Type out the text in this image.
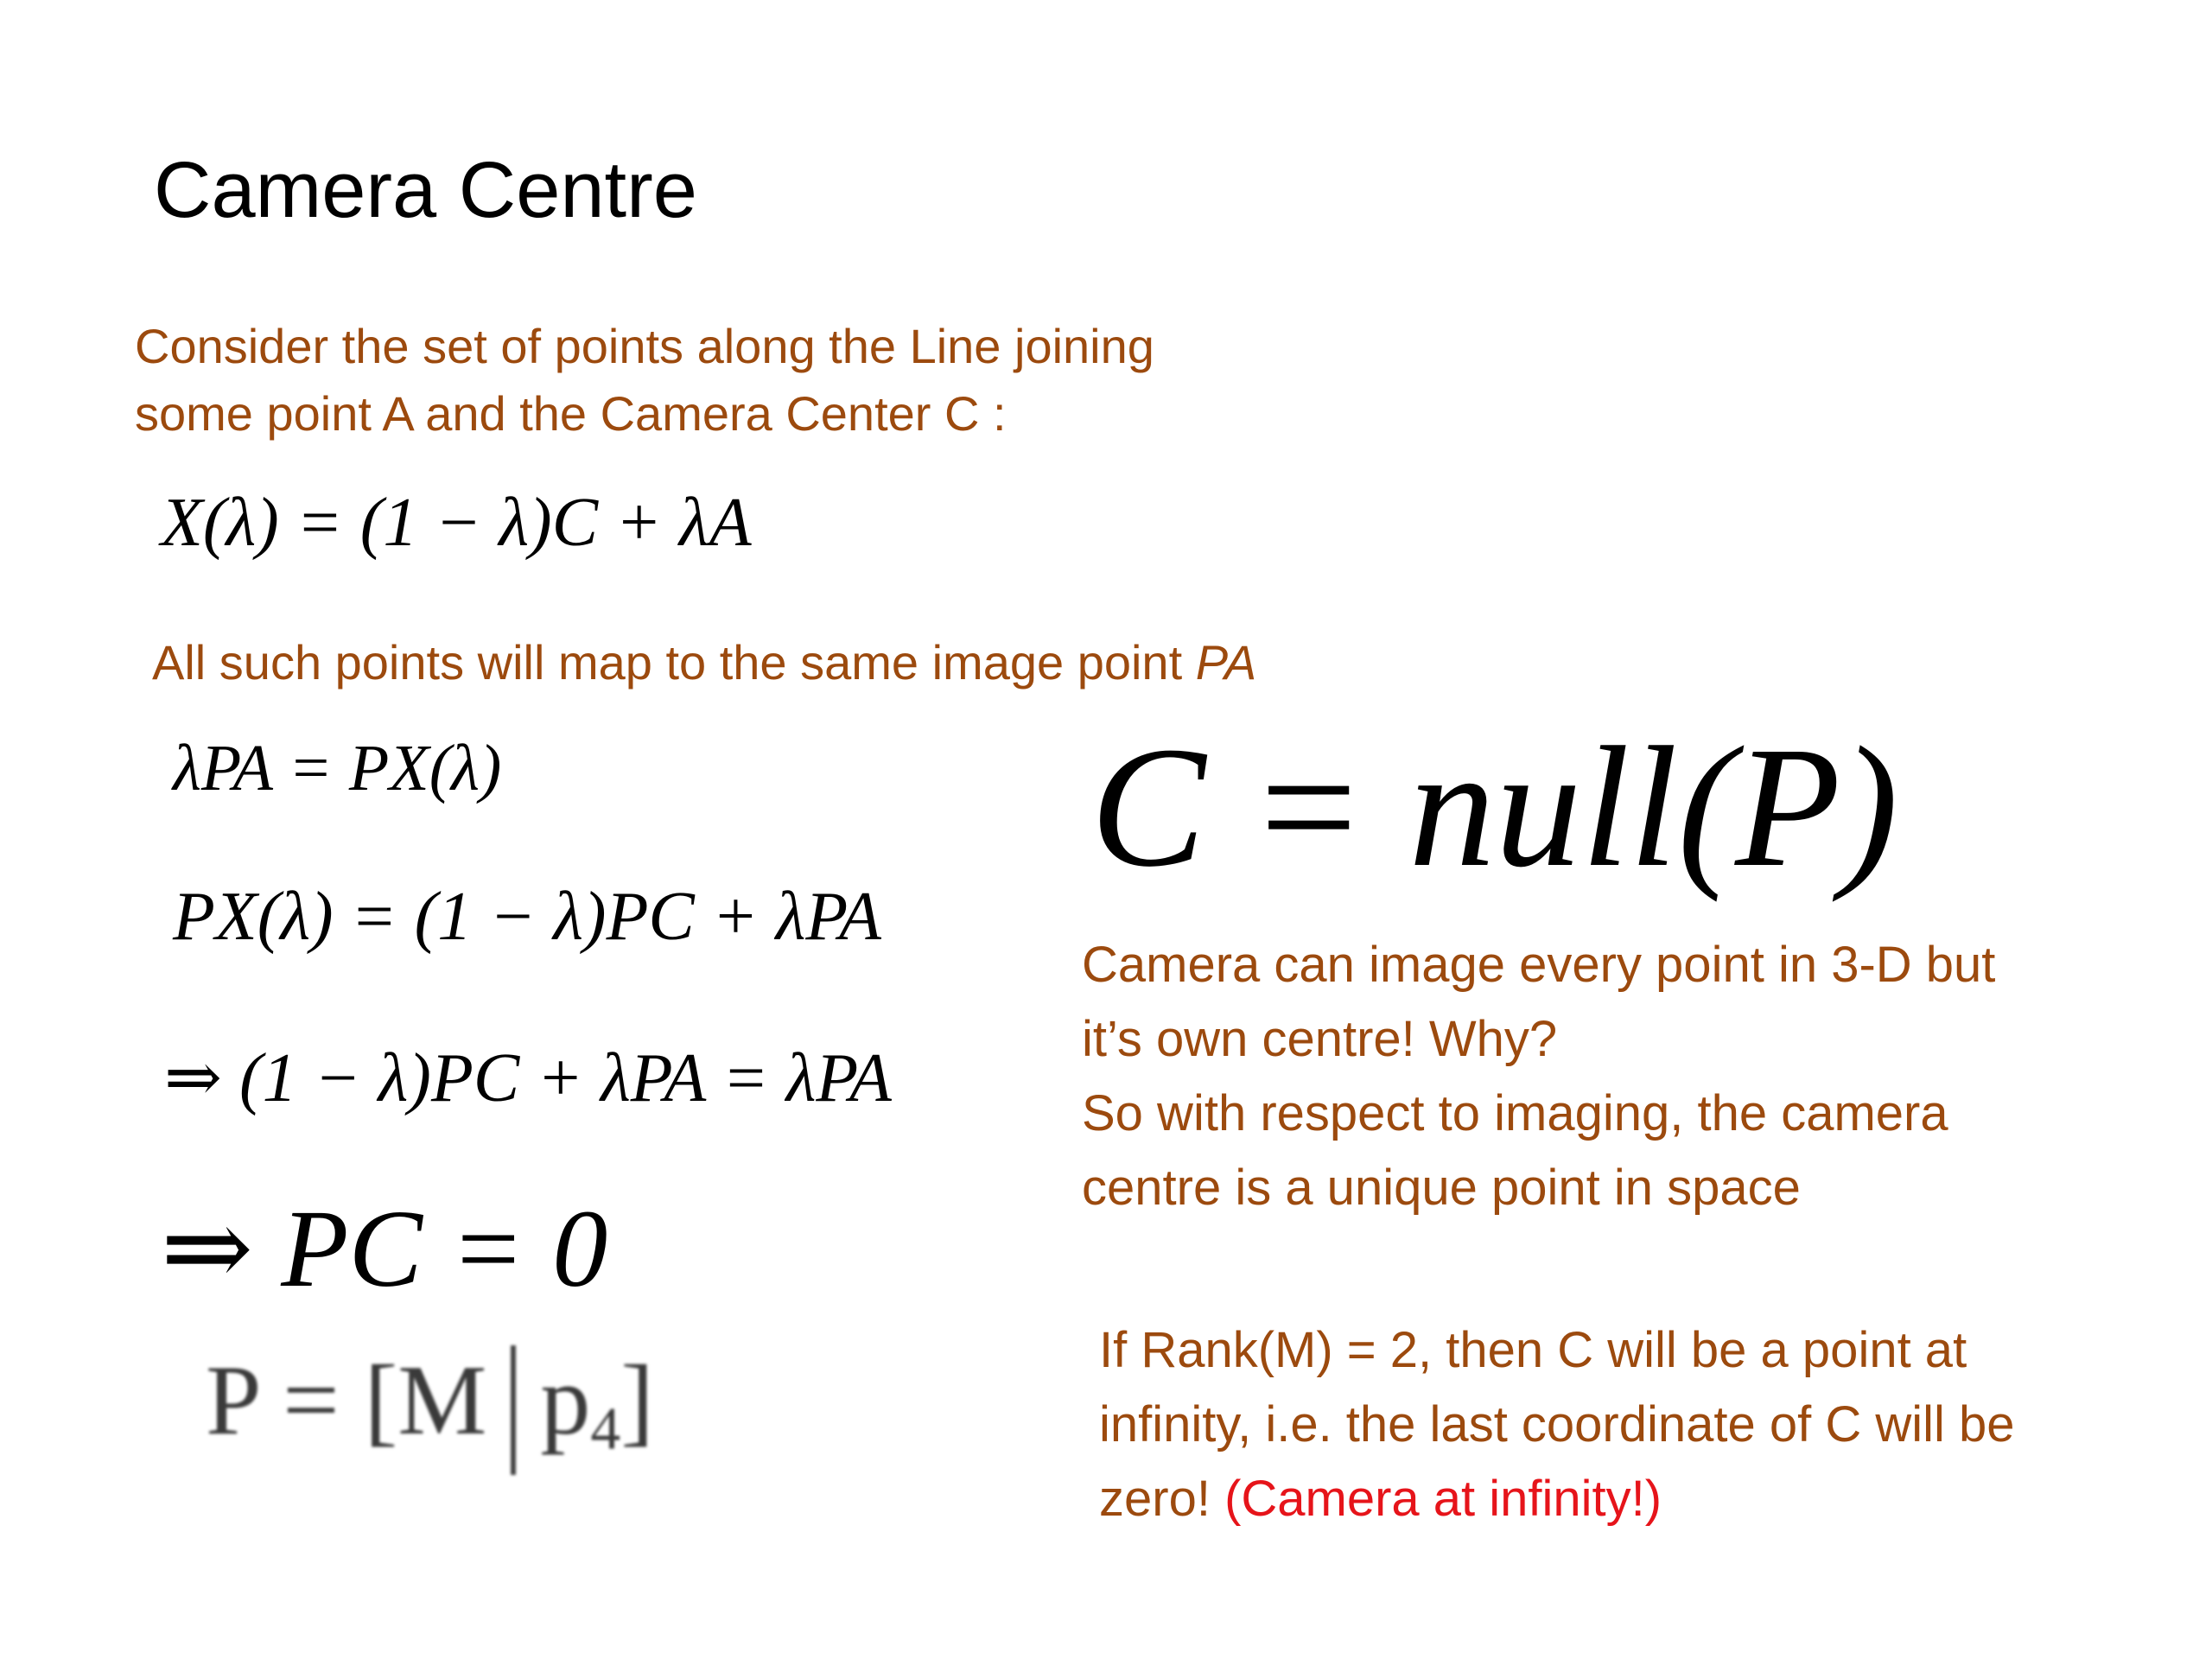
Camera Centre
Consider the set of points along the Line joining
some point A and the Camera Center C :
X(λ) = (1 − λ)C + λA
All such points will map to the same image point PA
λPA = PX(λ)
PX(λ) = (1 − λ)PC + λPA
⇒ (1 − λ)PC + λPA = λPA
⇒ PC = 0
P = [M $p_4$]
C = null(P)
Camera can image every point in 3-D but
it’s own centre! Why?
So with respect to imaging, the camera
centre is a unique point in space
If Rank(M) = 2, then C will be a point at
infinity, i.e. the last coordinate of C will be
zero! (Camera at infinity!)
